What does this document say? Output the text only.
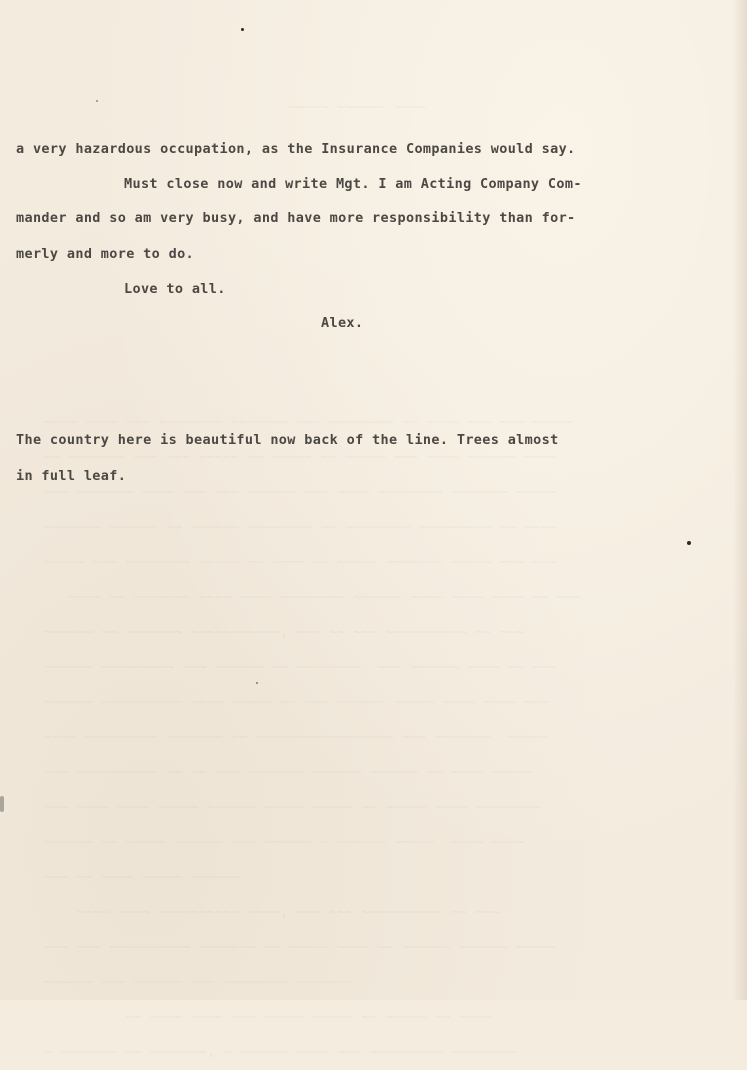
~~~~~ ~~~~~~ ~~~~

~~~~ ~~~~ ~~~ ~~~~~~~~ ~~~~~~~ ~~~ ~~~~~~~~ ~~ ~~~~ ~~~ ~~~ ~~~~~
~~ ~~~~~~~ ~~~ ~~~ ~~~~~ ~~ ~~~~~ ~~ ~~~~~ ~~~ ~~~~ ~~~~~~ ~~~~
~~~ ~~~~~~~ ~~~~ ~~~ ~~~ ~~~~~~ ~~~ ~~~~ ~~~~~~~~ ~~~~~~~ ~~~~~
~~~~~~~ ~~~~~~ ~~ ~~~~~~ ~~~~~~~~ ~~ ~~~~~~~~ ~~~~~~~~~ ~~ ~~~~
~~~~~ ~~~ ~~~~~~~~ ~~~~~ ~~ ~~~~ ~~ ~~~~~ ~~~~~~~ ~~~~~ ~~~ ~~~
~~~~ ~~ ~~~~~~~ ~~~~ ~~~~ ~~~~~~~~ ~~~~~~ ~~~~ ~~~~ ~~~~ ~~ ~~~
~~~~~~ ~~ ~~~~~~~ ~~~~~~~~~~~, ~~~ ~~ ~~~ ~~~~~~~~~~ ~~ ~~~
~~~~~~ ~~~~~~~~~ ~~~ ~~~~~~ ~~ ~~~~~~~~  ~~~ ~~~~~~ ~~~~ ~~ ~~~
~~~~~~ ~~~~~~~~~~ ~~~~ ~~~~~ ~~ ~~~ ~~~~~~ ~~~~~ ~~~~ ~~~~ ~~~
~~~~ ~~~~~~~~~ ~~~~~~~ ~~ ~~~~~~~~~~~~~~~~~ ~~~ ~~~~~~~  ~~~~~
~~~ ~~~~~~~~~~ ~~ ~~ ~~~ ~~~~~~~ ~~~~~~ ~~~~~~ ~~ ~~~~ ~~~~~
~~~ ~~~~ ~~~~ ~~~~~ ~~~~~~ ~~~~~ ~~~~~ ~~ ~~~~~ ~~~~ ~~~~~~~~
~~~~~~ ~~ ~~~~~ ~~~~~~ ~~~ ~~~~~~ ~ ~~~~~~ ~~~~~  ~~~~ ~~~~
~~~ ~~ ~~~~ ~~~~~ ~~~~~~
~~~~ ~~~~ ~~~~~~~~~~ ~~~~, ~~~ ~~~ ~~~~~~~~~~ ~~ ~~~
~~~ ~~~ ~~~~~~~~~~ ~~~~~~~ ~~ ~~~~~ ~~~~ ~~ ~~~~~~ ~~~~~~ ~~~~~
~~~~~~ ~~~ ~~~~~~ ~~~ ~~~~~~~~ ~~~~~~~
~~ ~~~~ ~~~~ ~~~ ~~~~~ ~~~~~ ~~ ~~~~~ ~~ ~~~~
~ ~~~~~~~ ~~ ~~~~~~~, ~ ~~~~~~ ~~~~ ~~~ ~~~~~~~~~ ~~~~~~~~
a very hazardous occupation, as the Insurance Companies would say.
Must close now and write Mgt. I am Acting Company Com-
mander and so am very busy, and have more responsibility than for-
merly and more to do.
Love to all.
Alex.
The country here is beautiful now back of the line. Trees almost
in full leaf.
